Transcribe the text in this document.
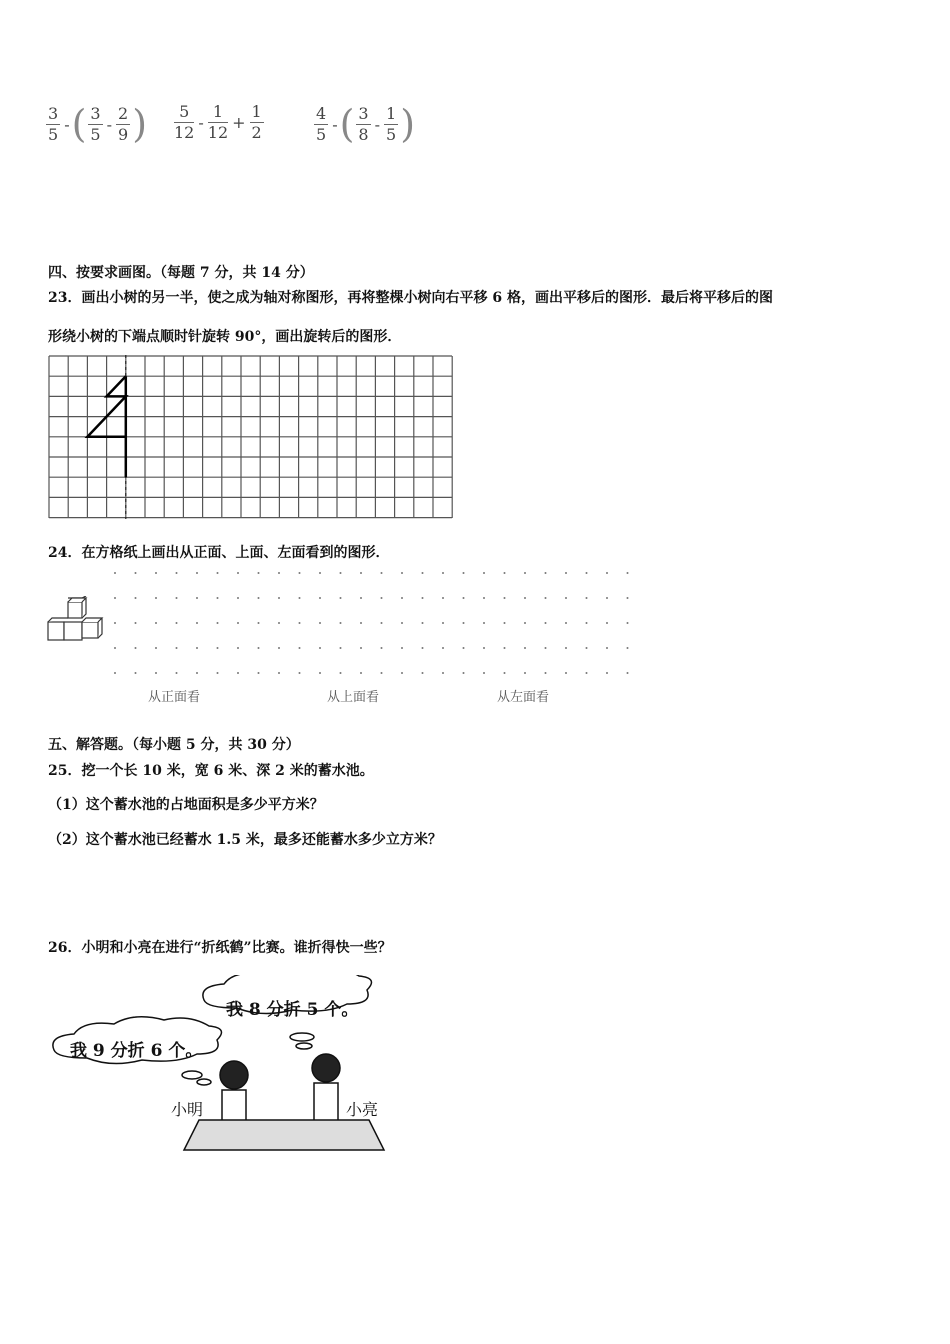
$\frac{3}{5}$ -( $\frac{3}{5} - \frac{2}{9}$ ) $\frac{5}{12} - \frac{1}{12} + \frac{1}{2}$	$\frac{4}{5}$ -( $\frac{3}{8} - \frac{1}{5}$ )
四、按要求画图。（每题 7 分，共 14 分）
23．画出小树的另一半，使之成为轴对称图形，再将整棵小树向右平移 6 格，画出平移后的图形．最后将平移后的图
形绕小树的下端点顺时针旋转 90°，画出旋转后的图形．
24．在方格纸上画出从正面、上面、左面看到的图形．
从正面看	从上面看	从左面看
五、解答题。（每小题 5 分，共 30 分）
25．挖一个长 10 米，宽 6 米、深 2 米的蓄水池。
（1）这个蓄水池的占地面积是多少平方米？
（2）这个蓄水池已经蓄水 1.5 米，最多还能蓄水多少立方米？
26．小明和小亮在进行“折纸鹤”比赛。谁折得快一些？
我 9 分折 6 个。
我 8 分折 5 个。
小明	小亮
